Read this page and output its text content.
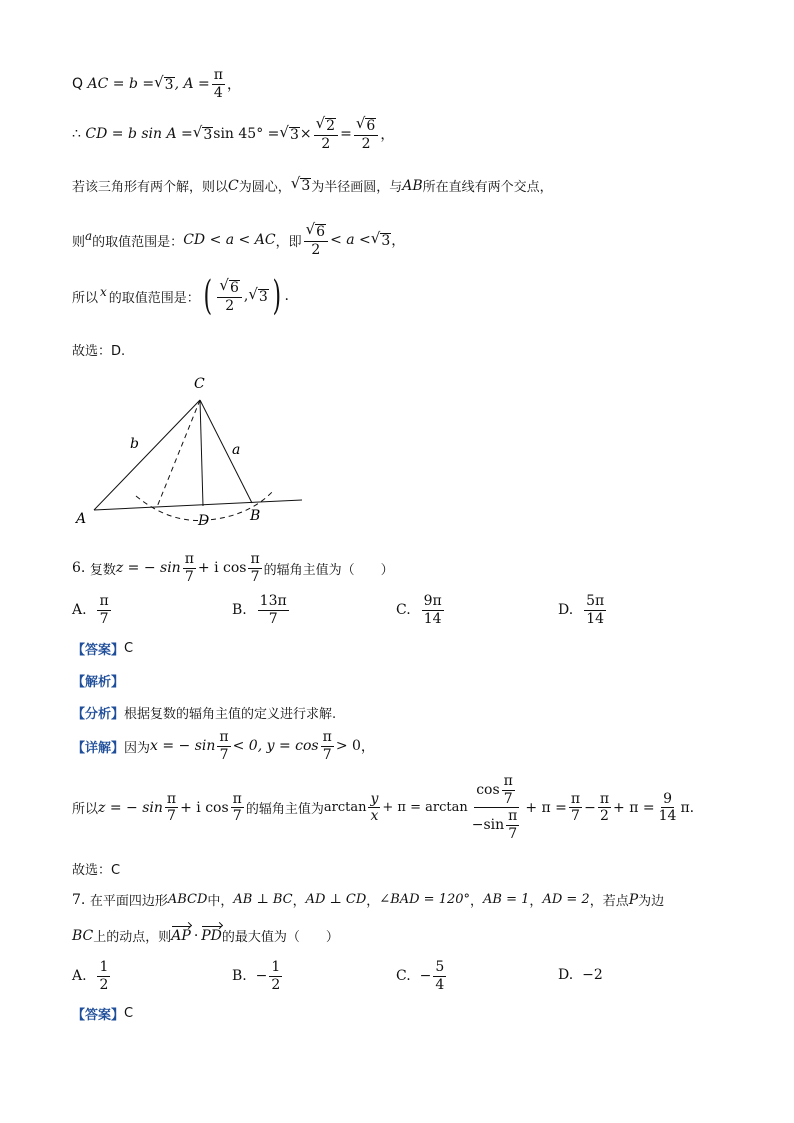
Q
AC = b = √ 3 , $A = \frac{\pi}{4}$ ，
∴
CD = b sin A = √ 3 sin 45° = √ $3 \times \frac{√ 2}{2} = \frac{√ 6}{2}$ ，
若该三角形有两个解，则以 C 为圆心， √ 3 为半径画圆，与 AB 所在直线有两个交点，
则 a 的取值范围是： CD < a < AC ，即 $\frac{√ 6}{2} < a$ < √ 3 ，
所以 x 的取值范围是： ( $\frac{√ 6}{2}$ , √ 3 ) .
故选：D.
C
b	a
A	D	B
6.
复数 z = − $\sin \frac{\pi}{7} + i$ $\cos \frac{\pi}{7}$ 的辐角主值为（　　）
A.
$\frac{\pi}{7}$	B.
$\frac{13\pi}{7}$	C.
$\frac{9\pi}{14}$	D.
$\frac{5\pi}{14}$
【答案】 C
【解析】
【分析】 根据复数的辐角主值的定义进行求解.
【详解】 因为 x = − $\sin \frac{\pi}{7} < 0$, $y = \cos \frac{\pi}{7} > 0$ ，
所以 z = − $\sin \frac{\pi}{7} + i$ $\cos \frac{\pi}{7}$ 的辐角主值为 $\arctan \frac{y}{x} + \pi = \arctan \frac{\cos \frac{\pi}{7}}{-\sin \frac{\pi}{7}} + \pi = \frac{\pi}{7} - \frac{\pi}{2} + \pi = \frac{9}{14} \pi$.
故选：C
7.
在平面四边形 ABCD 中， AB ⊥ BC ， AD ⊥ CD ， ∠BAD = 120° ， AB = 1 ， AD = 2 ，若点 P 为边
BC 上的动点，则 AP · PD 的最大值为（　　）
A.
$\frac{1}{2}$	B.
− $\frac{1}{2}$	C.
− $\frac{5}{4}$	D.
−2
【答案】 C
